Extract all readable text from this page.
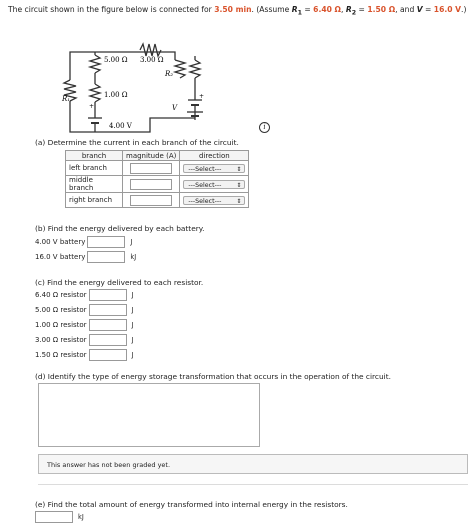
The circuit shown in the figure below is connected for 3.50 min. (Assume $R_1 = 6.40$ Ω, $R_2 = 1.50$ Ω, and V = 16.0 V.)
5.00 Ω 3.00 Ω
R₂
R₁	1.00 Ω
4.00 V
V
+
+
i
(a) Determine the current in each branch of the circuit.
branch	magnitude (A)	direction
left branch		---Select--- ⇕

middle branch		---Select--- ⇕

right branch		---Select--- ⇕
(b) Find the energy delivered by each battery.
4.00 V battery	J
16.0 V battery	kJ
(c) Find the energy delivered to each resistor.
6.40 Ω resistor	J
5.00 Ω resistor	J
1.00 Ω resistor	J
3.00 Ω resistor	J
1.50 Ω resistor	J
(d) Identify the type of energy storage transformation that occurs in the operation of the circuit.
This answer has not been graded yet.
(e) Find the total amount of energy transformed into internal energy in the resistors.
kJ
